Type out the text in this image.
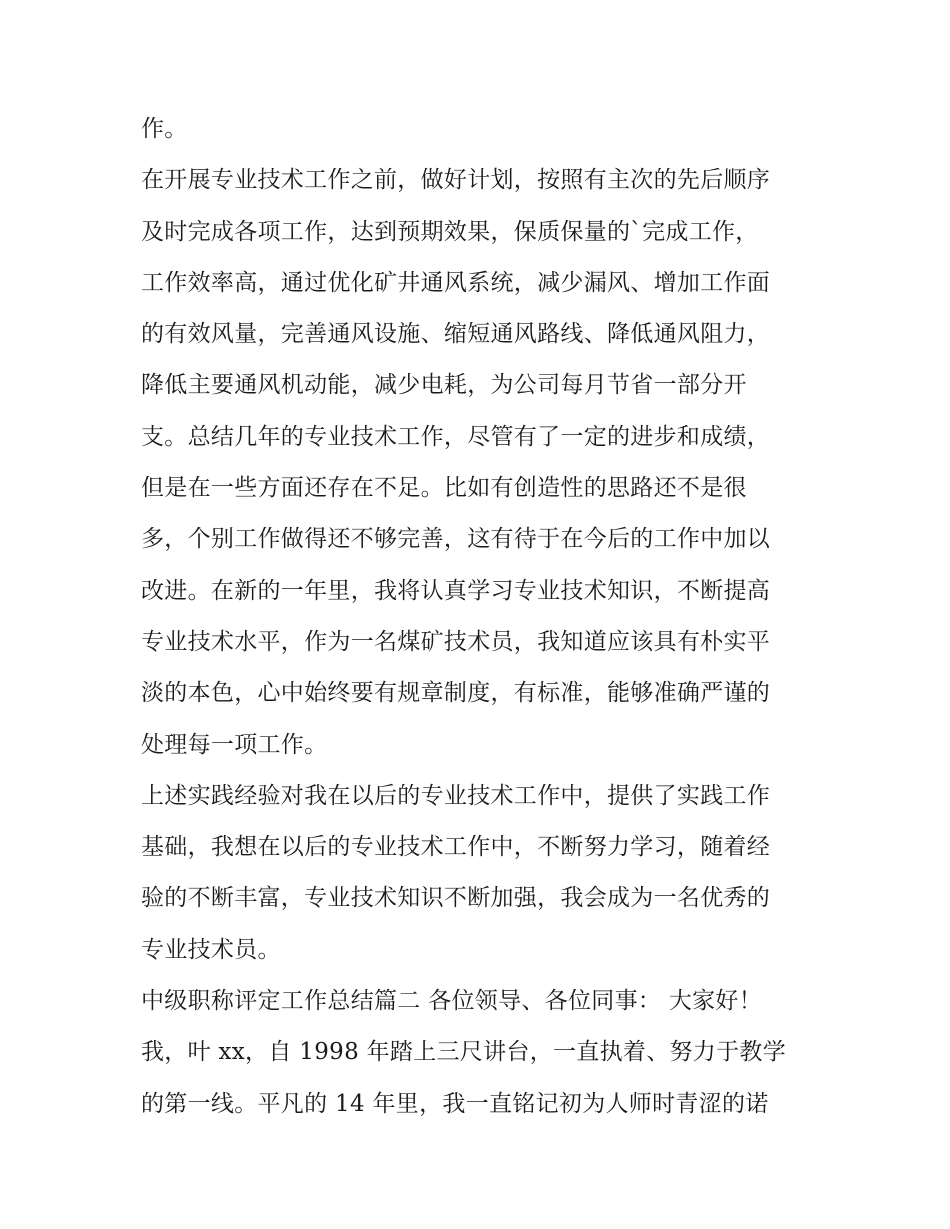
作。
在开展专业技术工作之前，做好计划，按照有主次的先后顺序
及时完成各项工作，达到预期效果，保质保量的`完成工作，
工作效率高，通过优化矿井通风系统，减少漏风、增加工作面
的有效风量，完善通风设施、缩短通风路线、降低通风阻力，
降低主要通风机动能，减少电耗，为公司每月节省一部分开
支。总结几年的专业技术工作，尽管有了一定的进步和成绩，
但是在一些方面还存在不足。比如有创造性的思路还不是很
多，个别工作做得还不够完善，这有待于在今后的工作中加以
改进。在新的一年里，我将认真学习专业技术知识，不断提高
专业技术水平，作为一名煤矿技术员，我知道应该具有朴实平
淡的本色，心中始终要有规章制度，有标准，能够准确严谨的
处理每一项工作。
上述实践经验对我在以后的专业技术工作中，提供了实践工作
基础，我想在以后的专业技术工作中，不断努力学习，随着经
验的不断丰富，专业技术知识不断加强，我会成为一名优秀的
专业技术员。
中级职称评定工作总结篇二 各位领导、各位同事： 大家好！
我，叶 xx，自 1998 年踏上三尺讲台，一直执着、努力于教学
的第一线。平凡的 14 年里，我一直铭记初为人师时青涩的诺
